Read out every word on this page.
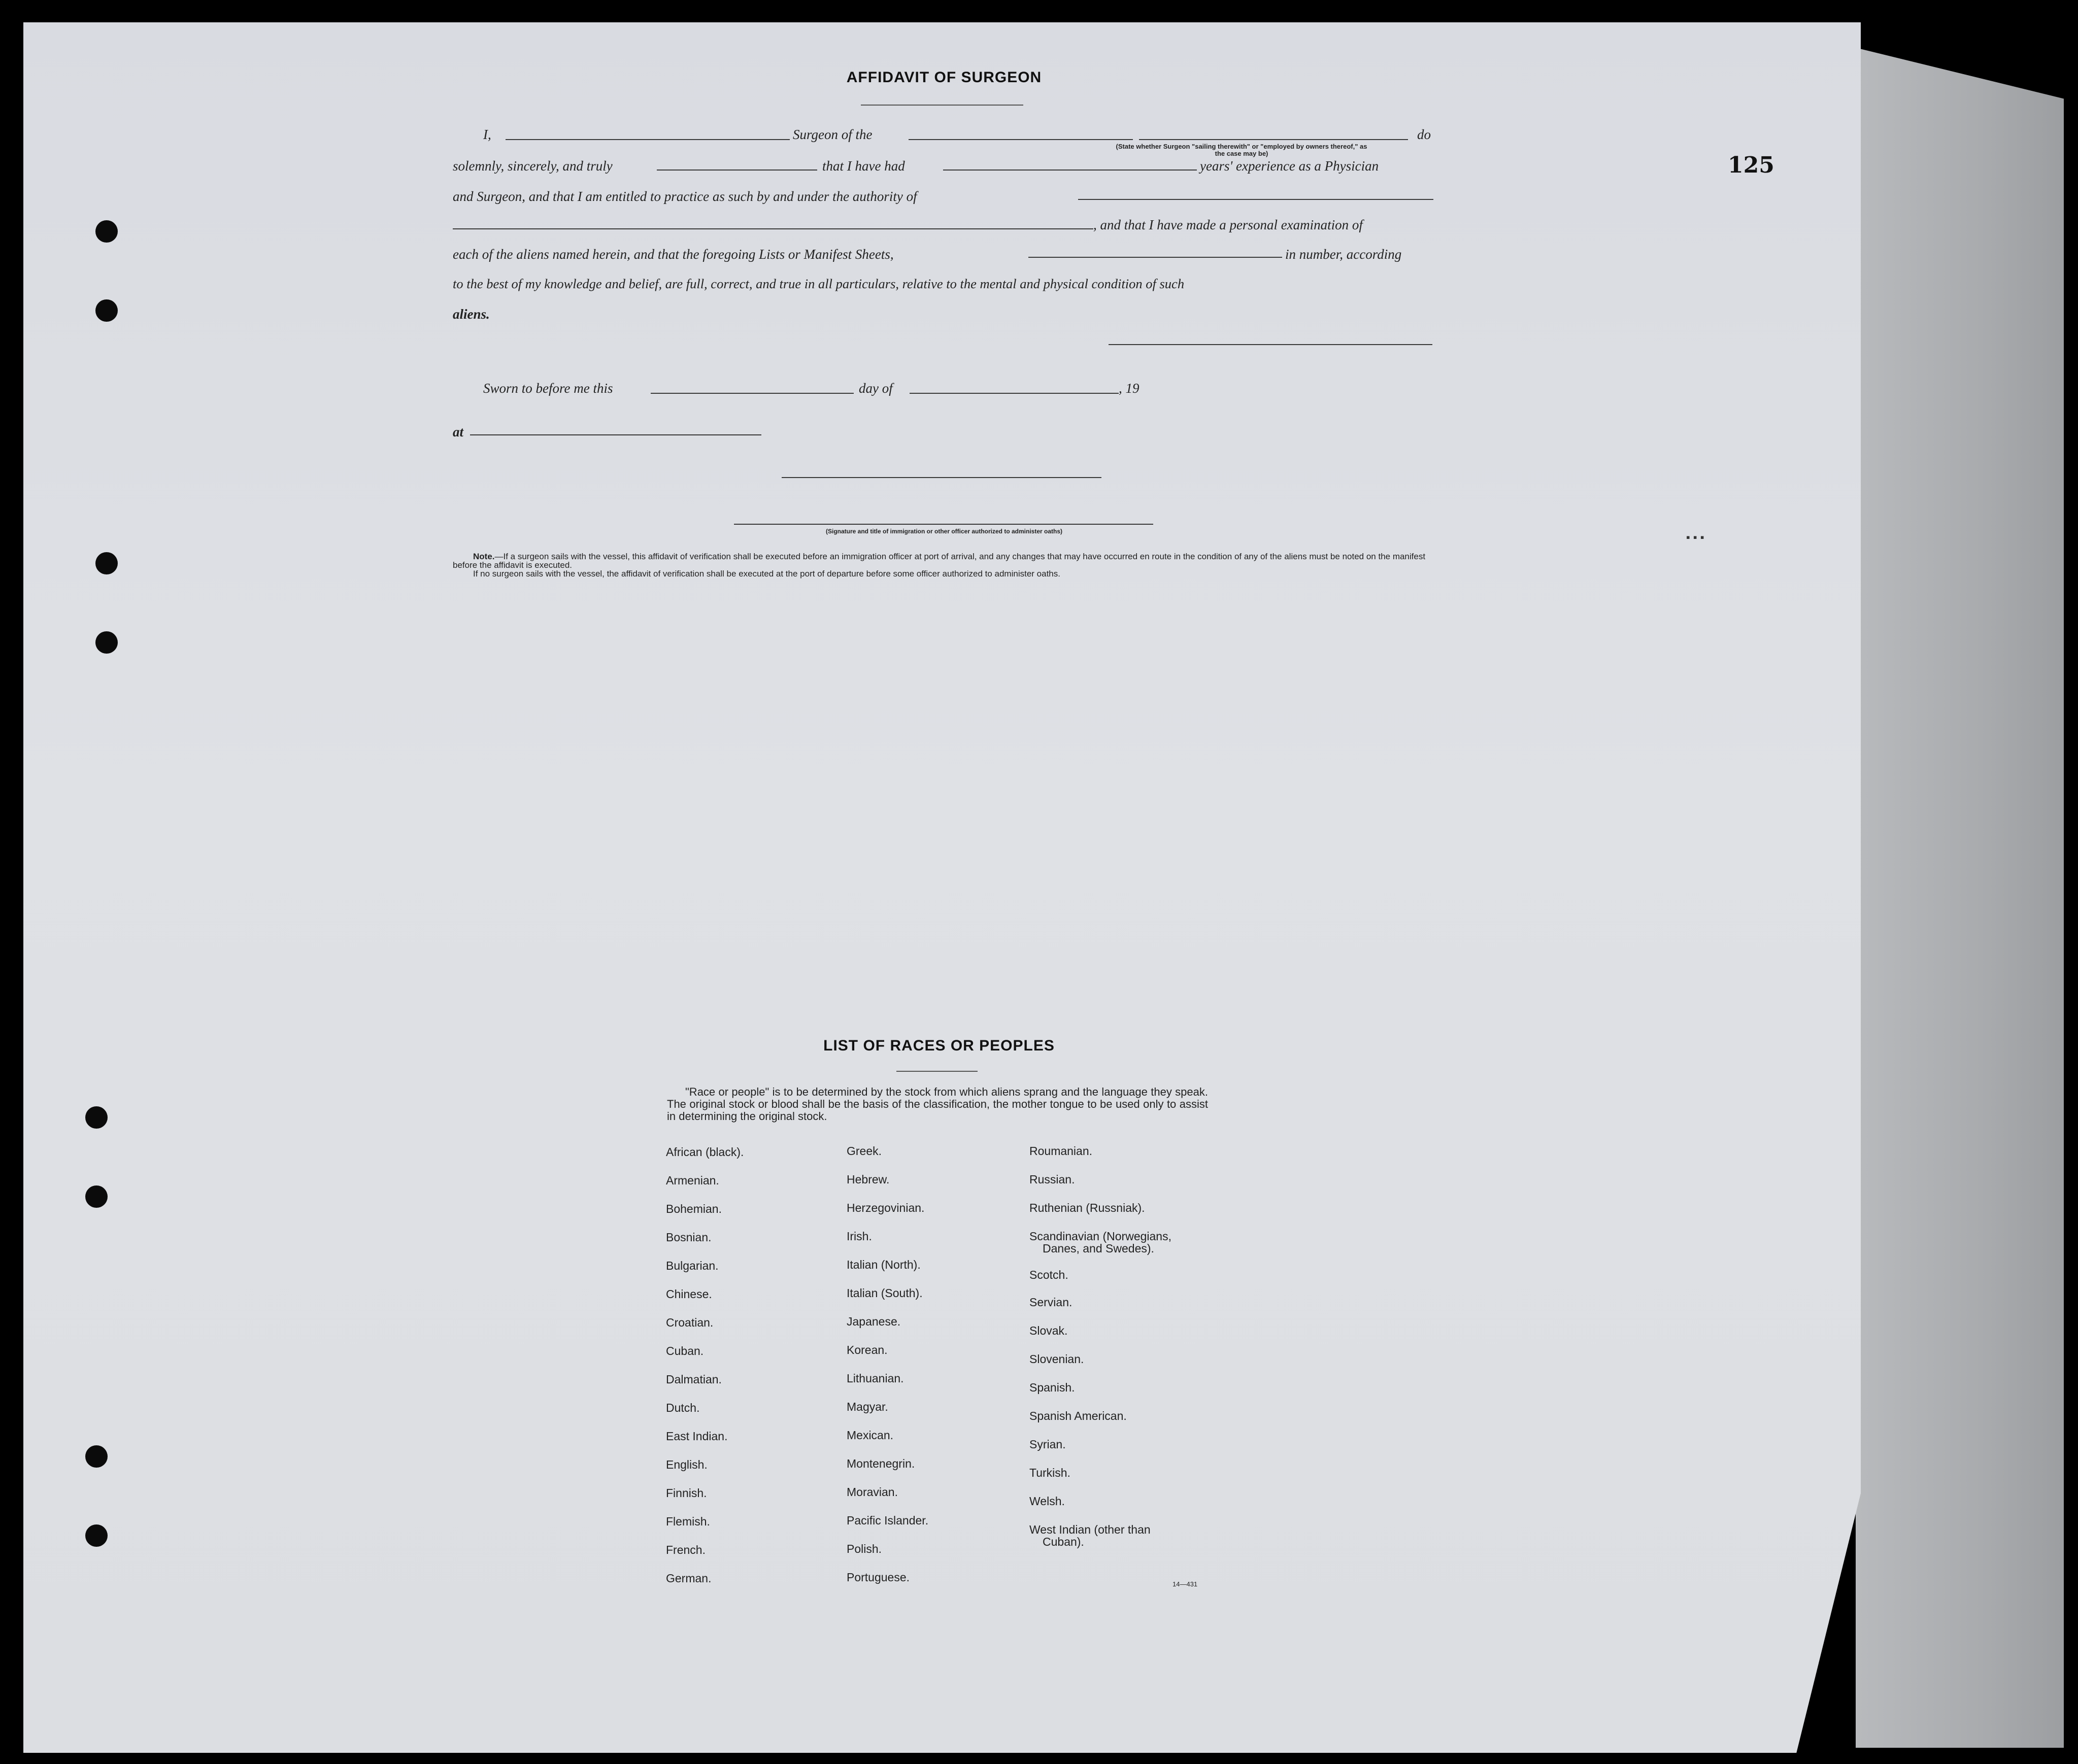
125
▪ ▪ ▪
AFFIDAVIT OF SURGEON
I,	Surgeon of the	do
(State whether Surgeon "sailing therewith" or "employed by owners thereof," as the case may be)
solemnly, sincerely, and truly	that I have had	years' experience as a Physician
and Surgeon, and that I am entitled to practice as such by and under the authority of
, and that I have made a personal examination of
each of the aliens named herein, and that the foregoing Lists or Manifest Sheets,	in number, according
to the best of my knowledge and belief, are full, correct, and true in all particulars, relative to the mental and physical condition of such
aliens.
Sworn to before me this	day of	, 19
at
(Signature and title of immigration or other officer authorized to administer oaths)
Note.—If a surgeon sails with the vessel, this affidavit of verification shall be executed before an immigration officer at port of arrival, and any changes that may have occurred en route in the condition of any of the aliens must be noted on the manifest before the affidavit is executed.
If no surgeon sails with the vessel, the affidavit of verification shall be executed at the port of departure before some officer authorized to administer oaths.
LIST OF RACES OR PEOPLES
"Race or people" is to be determined by the stock from which aliens sprang and the language they speak. The original stock or blood shall be the basis of the classification, the mother tongue to be used only to assist in determining the original stock.
African (black).
Armenian.
Bohemian.
Bosnian.
Bulgarian.
Chinese.
Croatian.
Cuban.
Dalmatian.
Dutch.
East Indian.
English.
Finnish.
Flemish.
French.
German.
Greek.
Hebrew.
Herzegovinian.
Irish.
Italian (North).
Italian (South).
Japanese.
Korean.
Lithuanian.
Magyar.
Mexican.
Montenegrin.
Moravian.
Pacific Islander.
Polish.
Portuguese.
Roumanian.
Russian.
Ruthenian (Russniak).
Scandinavian (Norwegians,
Danes, and Swedes).
Scotch.
Servian.
Slovak.
Slovenian.
Spanish.
Spanish American.
Syrian.
Turkish.
Welsh.
West Indian (other than
Cuban).
14—431
